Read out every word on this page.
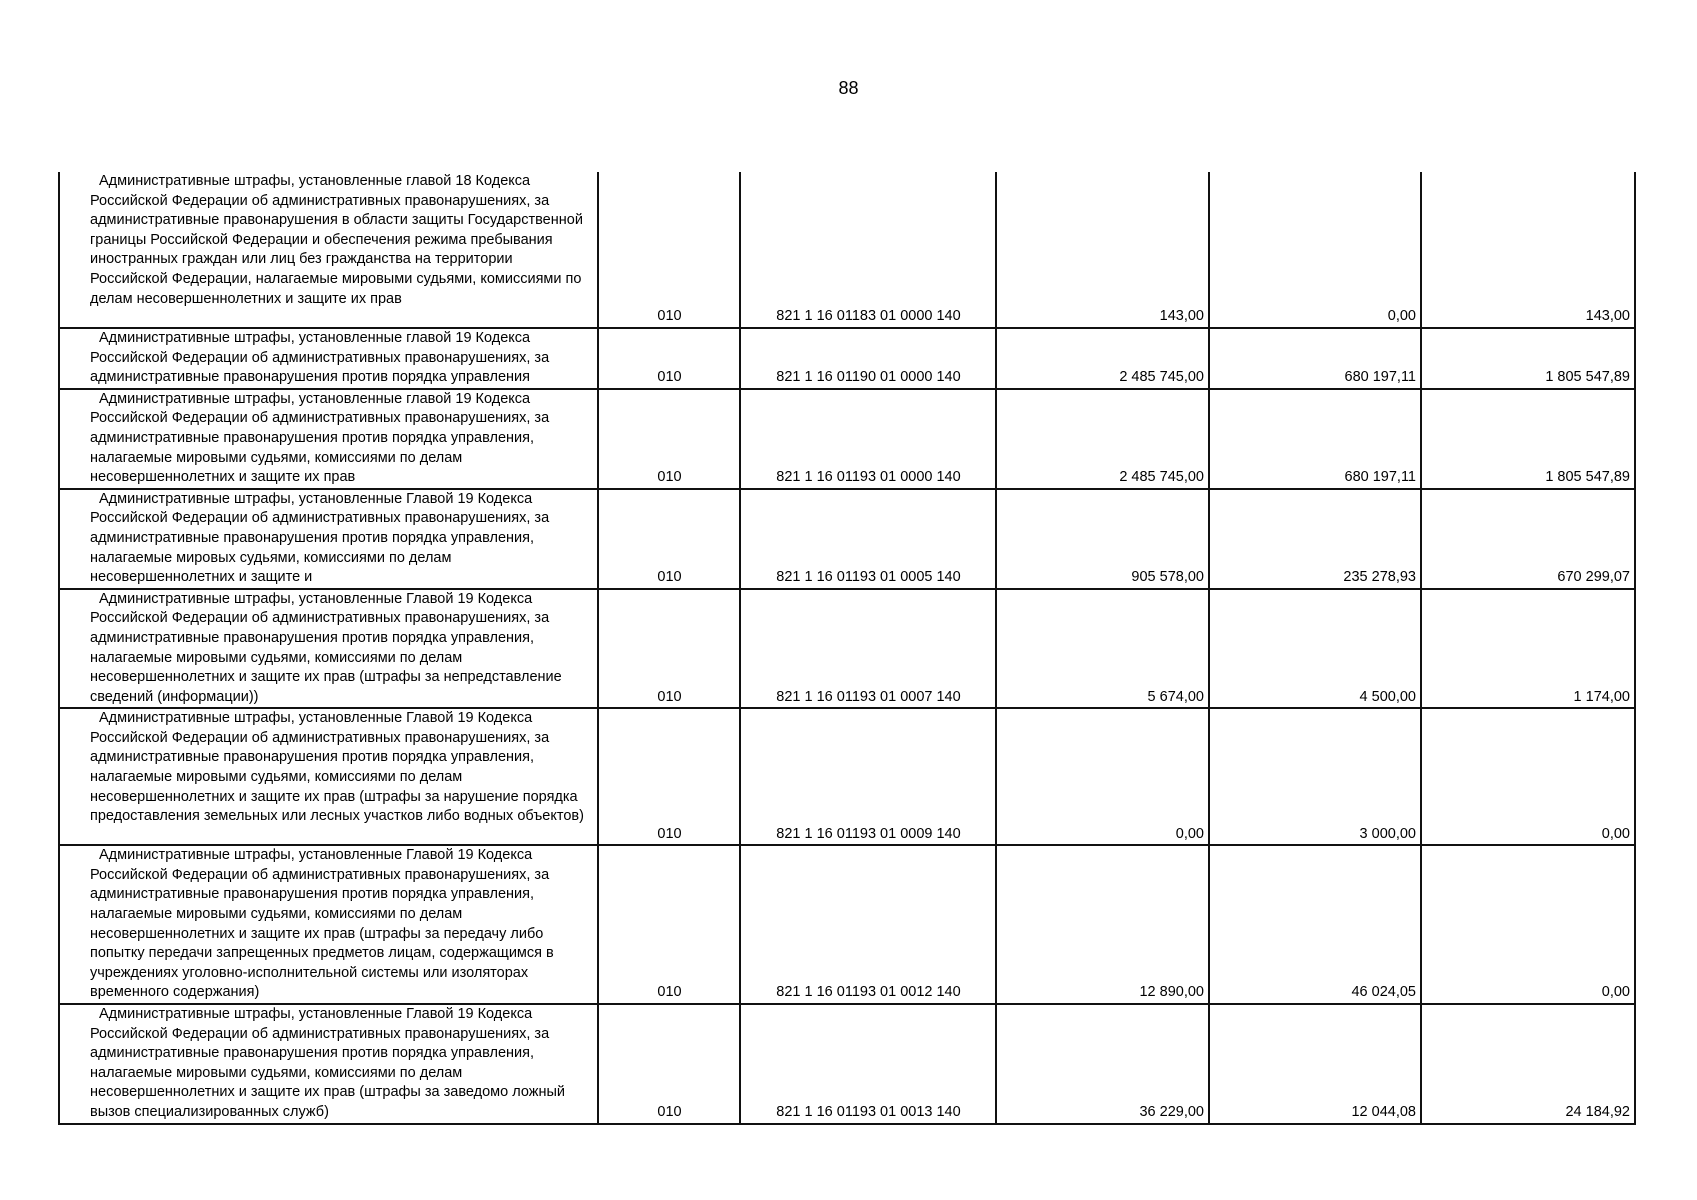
88
Административные штрафы, установленные главой 18 Кодекса Российской Федерации об административных правонарушениях, за административные правонарушения в области защиты Государственной границы Российской Федерации и обеспечения режима пребывания иностранных граждан или лиц без гражданства на территории Российской Федерации, налагаемые мировыми судьями, комиссиями по делам несовершеннолетних и защите их прав	010	821 1 16 01183 01 0000 140	143,00	0,00	143,00
Административные штрафы, установленные главой 19 Кодекса Российской Федерации об административных правонарушениях, за административные правонарушения против порядка управления	010	821 1 16 01190 01 0000 140	2 485 745,00	680 197,11	1 805 547,89
Административные штрафы, установленные главой 19 Кодекса Российской Федерации об административных правонарушениях, за административные правонарушения против порядка управления, налагаемые мировыми судьями, комиссиями по делам несовершеннолетних и защите их прав	010	821 1 16 01193 01 0000 140	2 485 745,00	680 197,11	1 805 547,89
Административные штрафы, установленные Главой 19 Кодекса Российской Федерации об административных правонарушениях, за административные правонарушения против порядка управления, налагаемые мировых судьями, комиссиями по делам несовершеннолетних и защите и	010	821 1 16 01193 01 0005 140	905 578,00	235 278,93	670 299,07
Административные штрафы, установленные Главой 19 Кодекса Российской Федерации об административных правонарушениях, за административные правонарушения против порядка управления, налагаемые мировыми судьями, комиссиями по делам несовершеннолетних и защите их прав (штрафы за непредставление сведений (информации))	010	821 1 16 01193 01 0007 140	5 674,00	4 500,00	1 174,00
Административные штрафы, установленные Главой 19 Кодекса Российской Федерации об административных правонарушениях, за административные правонарушения против порядка управления, налагаемые мировыми судьями, комиссиями по делам несовершеннолетних и защите их прав (штрафы за нарушение порядка предоставления земельных или лесных участков либо водных объектов)	010	821 1 16 01193 01 0009 140	0,00	3 000,00	0,00
Административные штрафы, установленные Главой 19 Кодекса Российской Федерации об административных правонарушениях, за административные правонарушения против порядка управления, налагаемые мировыми судьями, комиссиями по делам несовершеннолетних и защите их прав (штрафы за передачу либо попытку передачи запрещенных предметов лицам, содержащимся в учреждениях уголовно-исполнительной системы или изоляторах временного содержания)	010	821 1 16 01193 01 0012 140	12 890,00	46 024,05	0,00
Административные штрафы, установленные Главой 19 Кодекса Российской Федерации об административных правонарушениях, за административные правонарушения против порядка управления, налагаемые мировыми судьями, комиссиями по делам несовершеннолетних и защите их прав (штрафы за заведомо ложный вызов специализированных служб)	010	821 1 16 01193 01 0013 140	36 229,00	12 044,08	24 184,92
